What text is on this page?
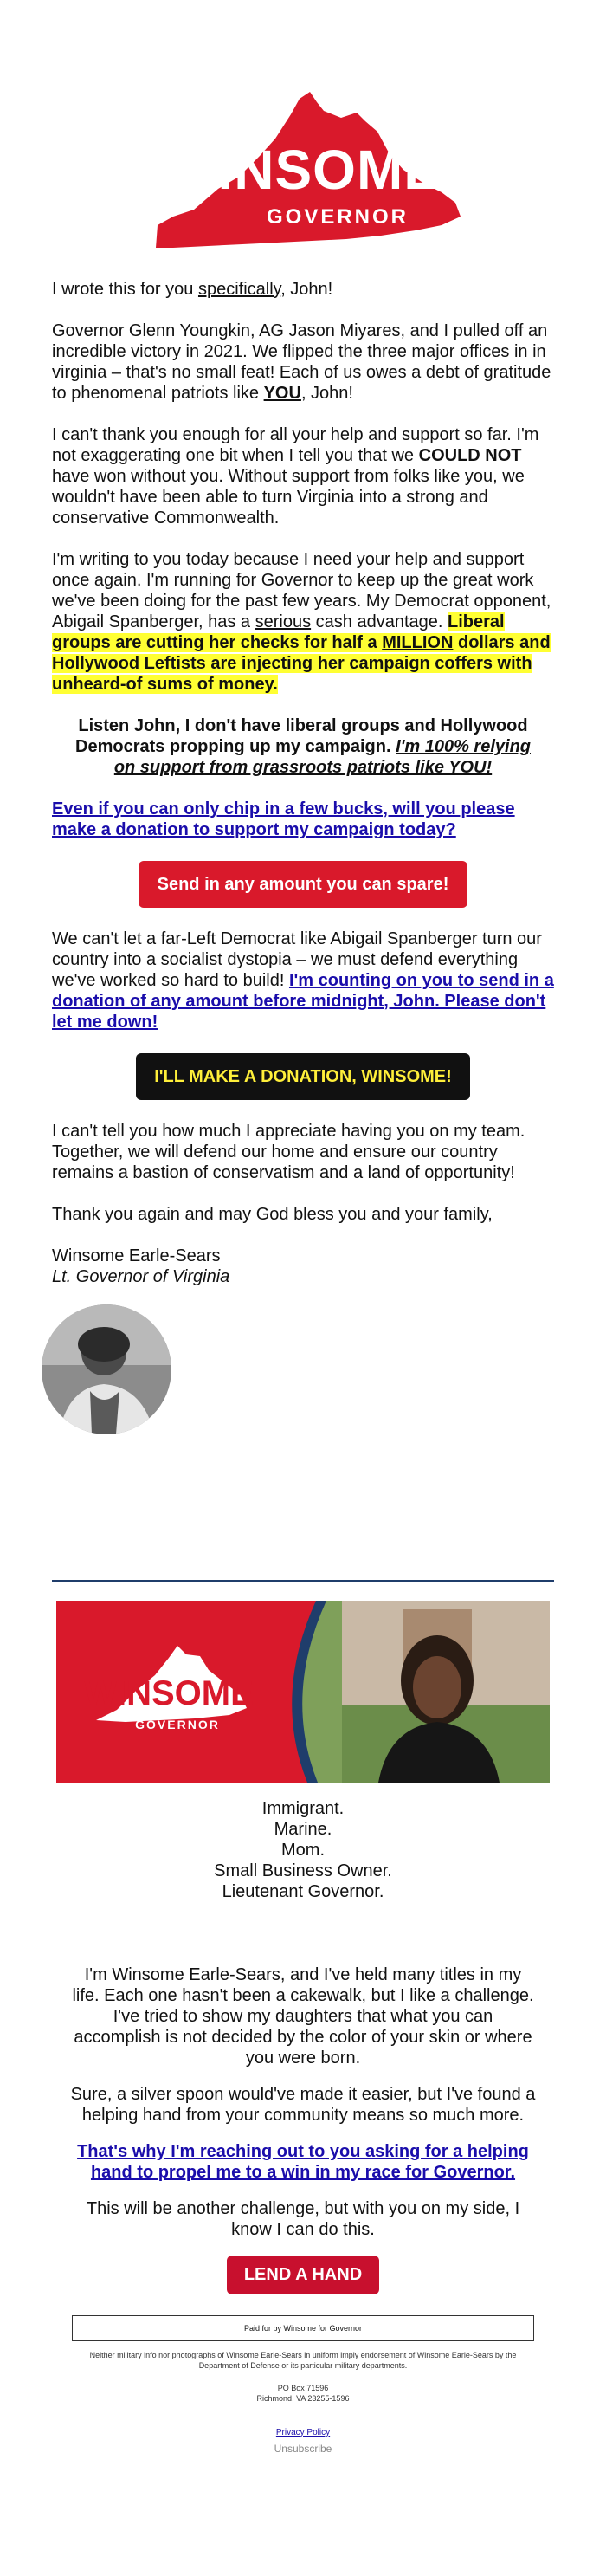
WINSOME
GOVERNOR

I wrote this for you specifically, John!

Governor Glenn Youngkin, AG Jason Miyares, and I pulled off an incredible victory in 2021. We flipped the three major offices in in virginia – that's no small feat! Each of us owes a debt of gratitude to phenomenal patriots like YOU, John!

I can't thank you enough for all your help and support so far. I'm not exaggerating one bit when I tell you that we COULD NOT have won without you. Without support from folks like you, we wouldn't have been able to turn Virginia into a strong and conservative Commonwealth.

I'm writing to you today because I need your help and support once again. I'm running for Governor to keep up the great work we've been doing for the past few years. My Democrat opponent, Abigail Spanberger, has a serious cash advantage. Liberal groups are cutting her checks for half a MILLION dollars and Hollywood Leftists are injecting her campaign coffers with unheard-of sums of money.

Listen John, I don't have liberal groups and Hollywood Democrats propping up my campaign. I'm 100% relying on support from grassroots patriots like YOU!

Even if you can only chip in a few bucks, will you please make a donation to support my campaign today?

Send in any amount you can spare!

We can't let a far-Left Democrat like Abigail Spanberger turn our country into a socialist dystopia – we must defend everything we've worked so hard to build! I'm counting on you to send in a donation of any amount before midnight, John. Please don't let me down!

I'LL MAKE A DONATION, WINSOME!

I can't tell you how much I appreciate having you on my team. Together, we will defend our home and ensure our country remains a bastion of conservatism and a land of opportunity!

Thank you again and may God bless you and your family,

Winsome Earle-Sears

Lt. Governor of Virginia

WINSOME
GOVERNOR
Immigrant.
Marine.
Mom.
Small Business Owner.
Lieutenant Governor.

I'm Winsome Earle-Sears, and I've held many titles in my life. Each one hasn't been a cakewalk, but I like a challenge. I've tried to show my daughters that what you can accomplish is not decided by the color of your skin or where you were born.

Sure, a silver spoon would've made it easier, but I've found a helping hand from your community means so much more.

That's why I'm reaching out to you asking for a helping hand to propel me to a win in my race for Governor.

This will be another challenge, but with you on my side, I know I can do this.

LEND A HAND
Paid for by Winsome for Governor
Neither military info nor photographs of Winsome Earle-Sears in uniform imply endorsement of Winsome Earle-Sears by the Department of Defense or its particular military departments.
PO Box 71596
Richmond, VA 23255-1596
Privacy Policy
Unsubscribe
